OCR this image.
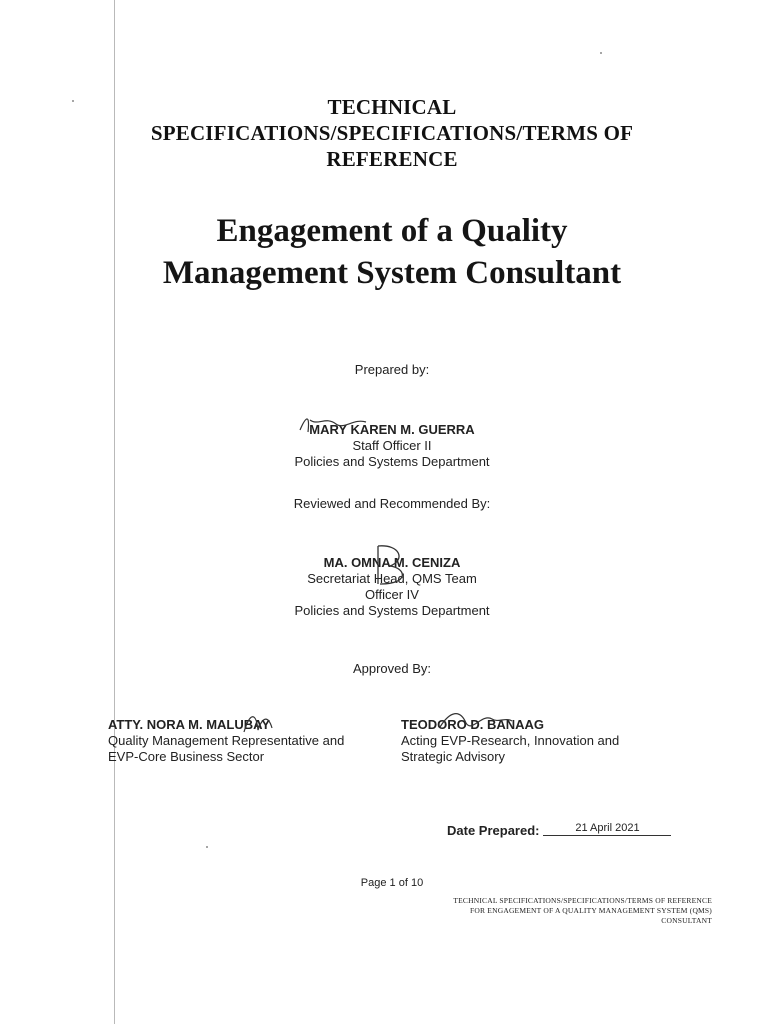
TECHNICAL
SPECIFICATIONS/SPECIFICATIONS/TERMS OF
REFERENCE
Engagement of a Quality
Management System Consultant
Prepared by:
MARY KAREN M. GUERRA
Staff Officer II
Policies and Systems Department
Reviewed and Recommended By:
MA. OMNA M. CENIZA
Secretariat Head, QMS Team
Officer IV
Policies and Systems Department
Approved By:
ATTY. NORA M. MALUBAY
Quality Management Representative and
EVP-Core Business Sector
TEODORO D. BANAAG
Acting EVP-Research, Innovation and
Strategic Advisory
Date Prepared:	21 April 2021
Page 1 of 10
TECHNICAL SPECIFICATIONS/SPECIFICATIONS/TERMS OF REFERENCE
FOR ENGAGEMENT OF A QUALITY MANAGEMENT SYSTEM (QMS)
CONSULTANT
